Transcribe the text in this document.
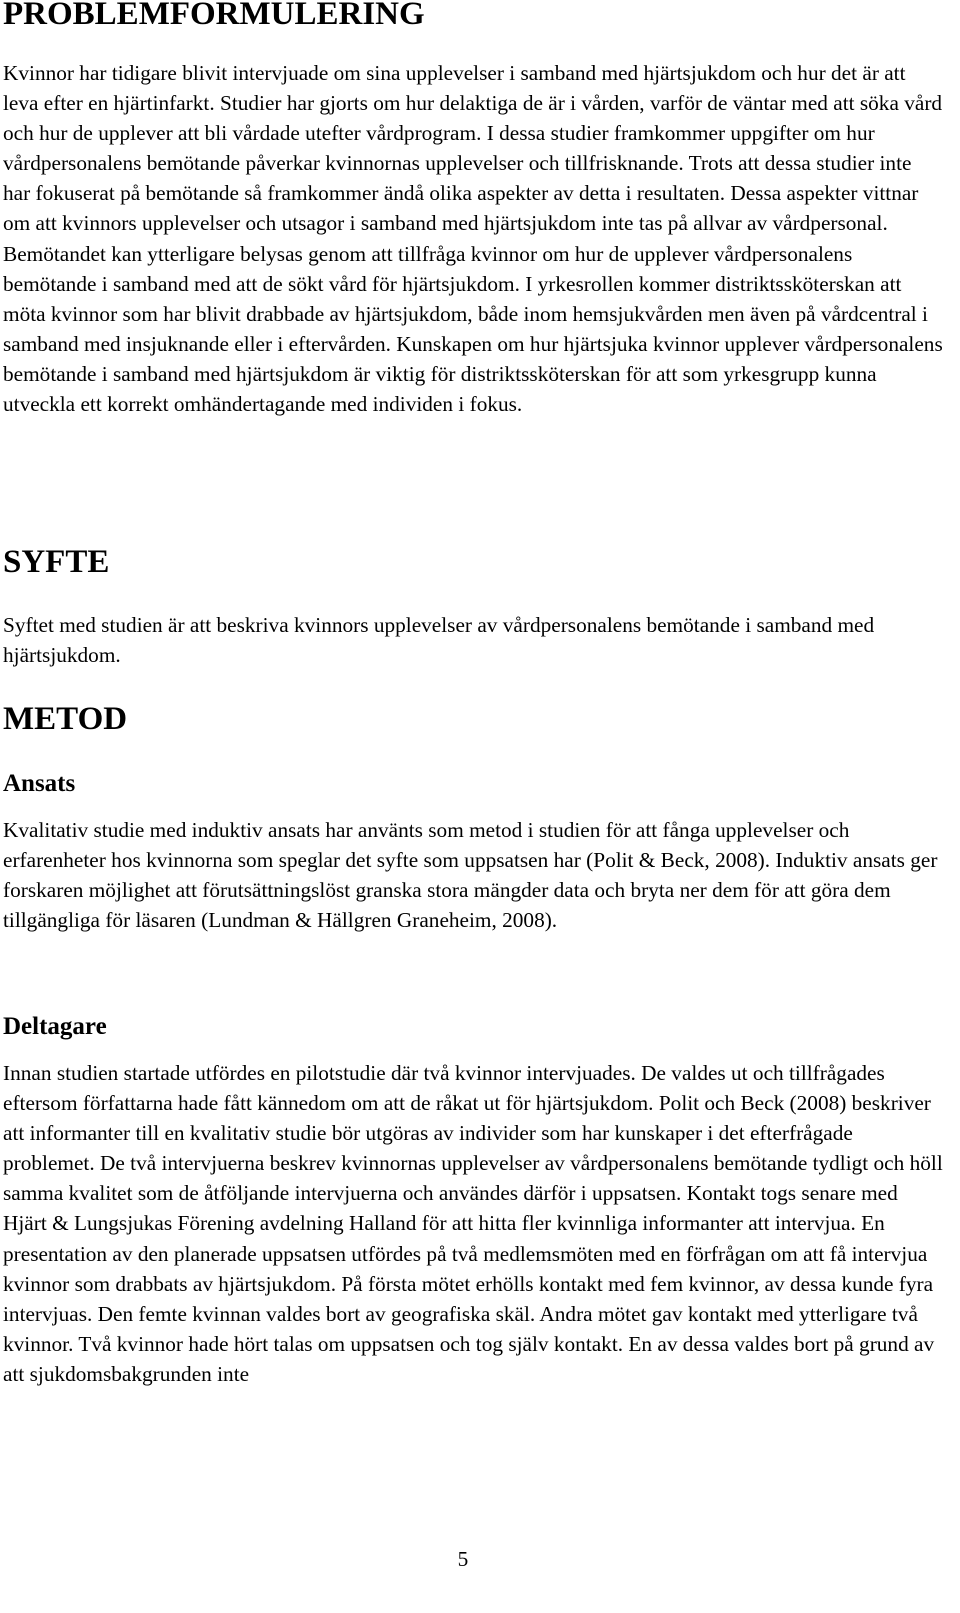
PROBLEMFORMULERING

Kvinnor har tidigare blivit intervjuade om sina upplevelser i samband med hjärtsjukdom och hur det är att leva efter en hjärtinfarkt. Studier har gjorts om hur delaktiga de är i vården, varför de väntar med att söka vård och hur de upplever att bli vårdade utefter vårdprogram. I dessa studier framkommer uppgifter om hur vårdpersonalens bemötande påverkar kvinnornas upplevelser och tillfrisknande. Trots att dessa studier inte har fokuserat på bemötande så framkommer ändå olika aspekter av detta i resultaten. Dessa aspekter vittnar om att kvinnors upplevelser och utsagor i samband med hjärtsjukdom inte tas på allvar av vårdpersonal. Bemötandet kan ytterligare belysas genom att tillfråga kvinnor om hur de upplever vårdpersonalens bemötande i samband med att de sökt vård för hjärtsjukdom. I yrkesrollen kommer distriktssköterskan att möta kvinnor som har blivit drabbade av hjärtsjukdom, både inom hemsjukvården men även på vårdcentral i samband med insjuknande eller i eftervården. Kunskapen om hur hjärtsjuka kvinnor upplever vårdpersonalens bemötande i samband med hjärtsjukdom är viktig för distriktssköterskan för att som yrkesgrupp kunna utveckla ett korrekt omhändertagande med individen i fokus.

SYFTE

Syftet med studien är att beskriva kvinnors upplevelser av vårdpersonalens bemötande i samband med hjärtsjukdom.

METOD
Ansats

Kvalitativ studie med induktiv ansats har använts som metod i studien för att fånga upplevelser och erfarenheter hos kvinnorna som speglar det syfte som uppsatsen har (Polit & Beck, 2008). Induktiv ansats ger forskaren möjlighet att förutsättningslöst granska stora mängder data och bryta ner dem för att göra dem tillgängliga för läsaren (Lundman & Hällgren Graneheim, 2008).

Deltagare

Innan studien startade utfördes en pilotstudie där två kvinnor intervjuades. De valdes ut och tillfrågades eftersom författarna hade fått kännedom om att de råkat ut för hjärtsjukdom. Polit och Beck (2008) beskriver att informanter till en kvalitativ studie bör utgöras av individer som har kunskaper i det efterfrågade problemet. De två intervjuerna beskrev kvinnornas upplevelser av vårdpersonalens bemötande tydligt och höll samma kvalitet som de åtföljande intervjuerna och användes därför i uppsatsen. Kontakt togs senare med Hjärt & Lungsjukas Förening avdelning Halland för att hitta fler kvinnliga informanter att intervjua. En presentation av den planerade uppsatsen utfördes på två medlemsmöten med en förfrågan om att få intervjua kvinnor som drabbats av hjärtsjukdom. På första mötet erhölls kontakt med fem kvinnor, av dessa kunde fyra intervjuas. Den femte kvinnan valdes bort av geografiska skäl. Andra mötet gav kontakt med ytterligare två kvinnor. Två kvinnor hade hört talas om uppsatsen och tog själv kontakt. En av dessa valdes bort på grund av att sjukdomsbakgrunden inte

5
